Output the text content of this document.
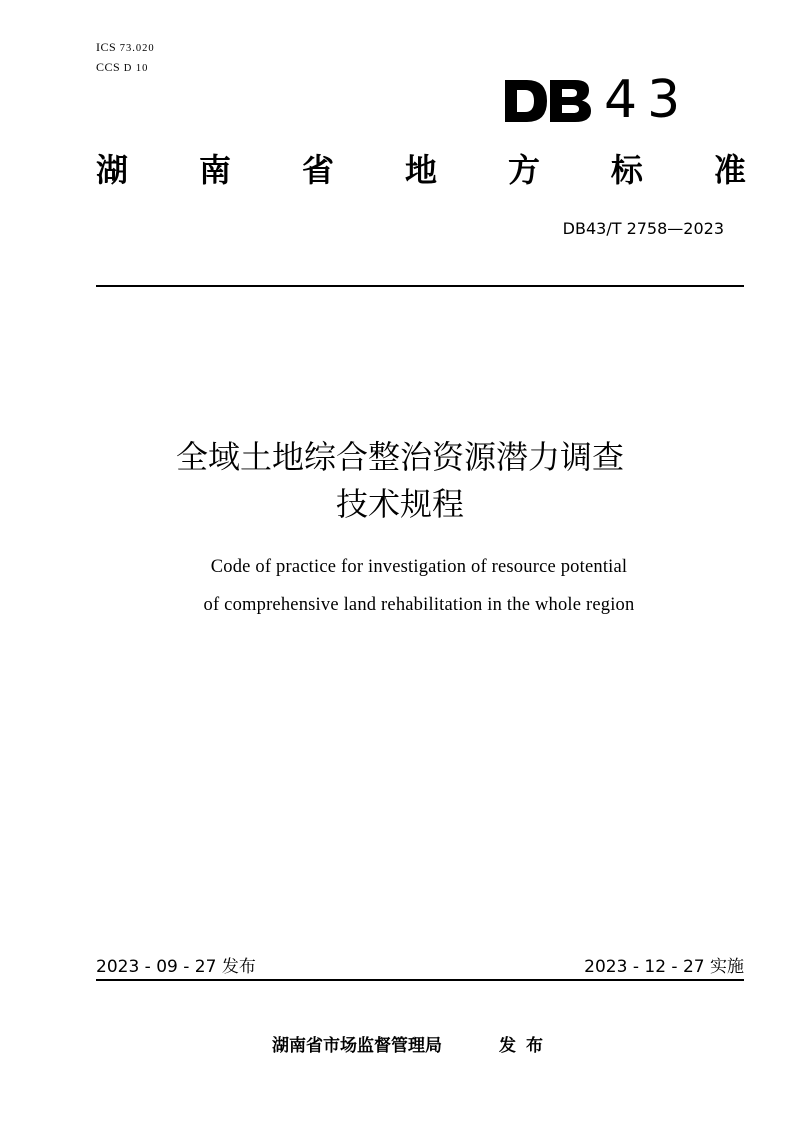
ICS 73.020
CCS D 10
43
湖 南 省 地 方 标 准
DB43/T 2758—2023
全域土地综合整治资源潜力调查
技术规程
Code of practice for investigation of resource potential
of comprehensive land rehabilitation in the whole region
2023 - 09 - 27 发布	2023 - 12 - 27 实施
湖南省市场监督管理局	发布
